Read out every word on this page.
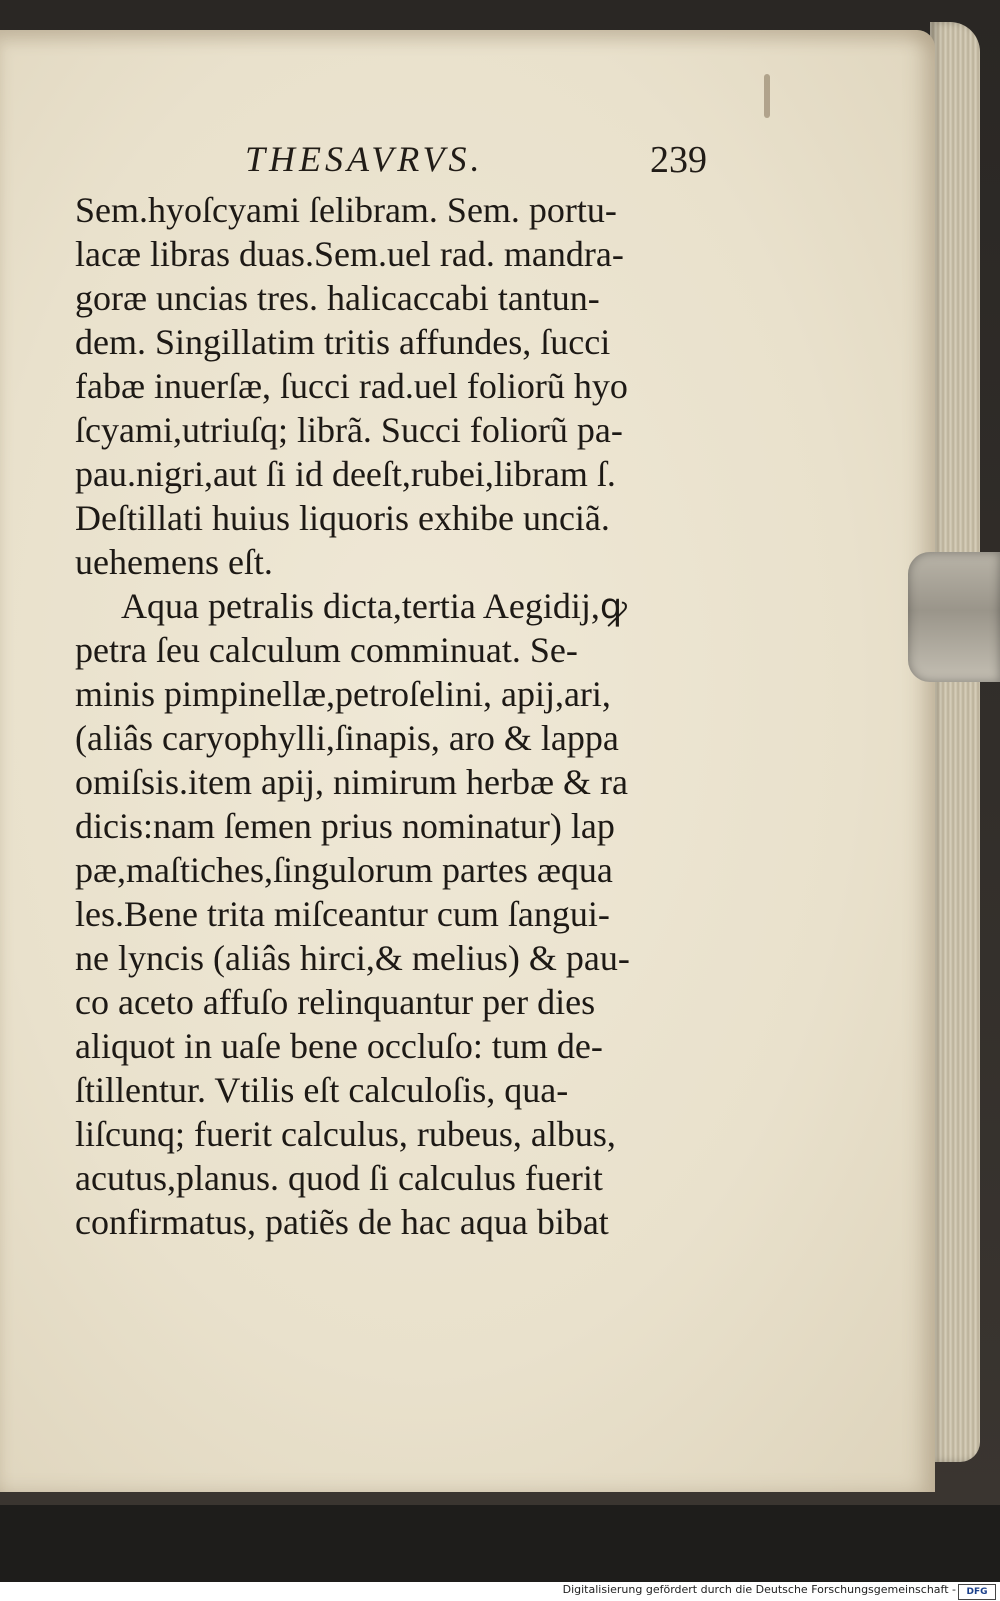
THESAVRVS.	239
Sem.hyoſcyami ſelibram. Sem. portu-
lacæ libras duas.Sem.uel rad. mandra-
goræ uncias tres. halicaccabi tantun-
dem. Singillatim tritis affundes, ſucci
fabæ inuerſæ, ſucci rad.uel foliorũ hyo
ſcyami,utriuſq; librã. Succi foliorũ pa-
pau.nigri,aut ſi id deeſt,rubei,libram ſ.
Deſtillati huius liquoris exhibe unciã.
uehemens eſt.
Aqua petralis dicta,tertia Aegidij,ꝙ
petra ſeu calculum comminuat. Se-
minis pimpinellæ,petroſelini, apij,ari,
(aliâs caryophylli,ſinapis, aro & lappa
omiſsis.item apij, nimirum herbæ & ra
dicis:nam ſemen prius nominatur) lap
pæ,maſtiches,ſingulorum partes æqua
les.Bene trita miſceantur cum ſangui-
ne lyncis (aliâs hirci,& melius) & pau-
co aceto affuſo relinquantur per dies
aliquot in uaſe bene occluſo: tum de-
ſtillentur. Vtilis eſt calculoſis, qua-
liſcunq; fuerit calculus, rubeus, albus,
acutus,planus. quod ſi calculus fuerit
confirmatus, patiẽs de hac aqua bibat
Digitalisierung gefördert durch die Deutsche Forschungsgemeinschaft -	DFG
